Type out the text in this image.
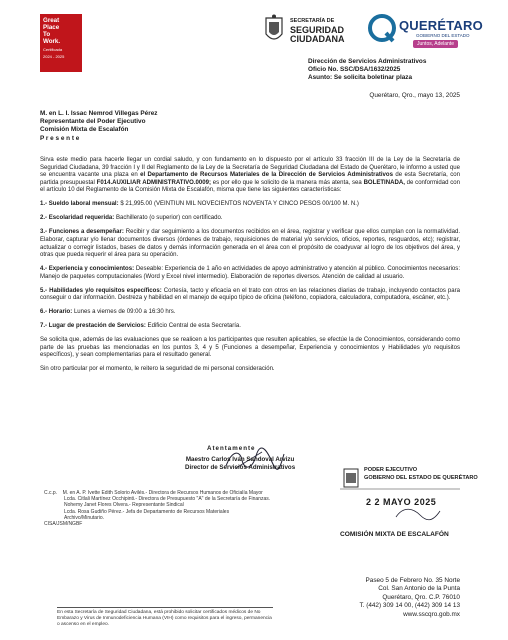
Great
Place
To
Work.
Certificada
2024 - 2025
SECRETARÍA DE
SEGURIDAD
CIUDADANA
QUERÉTARO
GOBIERNO DEL ESTADO
Juntos, Adelante
Dirección de Servicios Administrativos
Oficio No. SSC/DSA/1632/2025
Asunto: Se solicita boletinar plaza
Querétaro, Qro., mayo 13, 2025
M. en L. I. Issac Nemrod Villegas Pérez
Representante del Poder Ejecutivo
Comisión Mixta de Escalafón
P r e s e n t e

Sirva este medio para hacerle llegar un cordial saludo, y con fundamento en lo dispuesto por el artículo 33 fracción III de la Ley de la Secretaría de Seguridad Ciudadana, 39 fracción I y II del Reglamento de la Ley de la Secretaría de Seguridad Ciudadana del Estado de Querétaro, le informo a usted que se encuentra vacante una plaza en el Departamento de Recursos Materiales de la Dirección de Servicios Administrativos de esta Secretaría, con partida presupuestal F014.AUXILIAR ADMINISTRATIVO.0009; es por ello que le solicito de la manera más atenta, sea BOLETINADA, de conformidad con el artículo 10 del Reglamento de la Comisión Mixta de Escalafón, misma que tiene las siguientes características:

1.- Sueldo laboral mensual: $ 21,995.00 (VEINTIUN MIL NOVECIENTOS NOVENTA Y CINCO PESOS 00/100 M. N.)

2.- Escolaridad requerida: Bachillerato (o superior) con certificado.

3.- Funciones a desempeñar: Recibir y dar seguimiento a los documentos recibidos en el área, registrar y verificar que ellos cumplan con la normatividad. Elaborar, capturar y/o llenar documentos diversos (órdenes de trabajo, requisiciones de material y/o servicios, oficios, reportes, resguardos, etc); registrar, actualizar o corregir listados, bases de datos y demás información generada en el área con el propósito de coadyuvar al logro de los objetivos del área, y otras que pueda requerir el área para su operación.

4.- Experiencia y conocimientos: Deseable: Experiencia de 1 año en actividades de apoyo administrativo y atención al público. Conocimientos necesarios: Manejo de paquetes computacionales (Word y Excel nivel intermedio). Elaboración de reportes diversos. Atención de calidad al usuario.

5.- Habilidades y/o requisitos específicos: Cortesía, tacto y eficacia en el trato con otros en las relaciones diarias de trabajo, incluyendo contactos para conseguir o dar información. Destreza y habilidad en el manejo de equipo típico de oficina (teléfono, copiadora, calculadora, computadora, escáner, etc.).

6.- Horario: Lunes a viernes de 09:00 a 16:30 hrs.

7.- Lugar de prestación de Servicios: Edificio Central de esta Secretaría.

Se solicita que, además de las evaluaciones que se realicen a los participantes que resulten aplicables, se efectúe la de Conocimientos, considerando como parte de las pruebas las mencionadas en los puntos 3, 4 y 5 (Funciones a desempeñar, Experiencia y conocimientos y Habilidades y/o requisitos específicos), y sean complementarias para el resultado general.

Sin otro particular por el momento, le reitero la seguridad de mi personal consideración.

Atentamente
Maestro Carlos Iván Sandoval Arvizu
Director de Servicios Administrativos
C.c.p. M. en A. P. Ivette Edith Solorio Avilés.- Directora de Recursos Humanos de Oficialía Mayor
Lcda. Citlali Martínez Occhipinti.- Directora de Presupuesto "A" de la Secretaría de Finanzas.
Nohemy Janet Flores Olvera.- Representante Sindical
Lcda. Rosa Gudiño Pérez.- Jefa de Departamento de Recursos Materiales
Archivo/Minutario.
CISA/JSM/NGBF
PODER EJECUTIVO
GOBIERNO DEL ESTADO DE QUERÉTARO
2 2 MAYO 2025
COMISIÓN MIXTA DE ESCALAFÓN
Paseo 5 de Febrero No. 35 Norte
Col. San Antonio de la Punta
Querétaro, Qro. C.P. 76010
T. (442) 309 14 00, (442) 309 14 13
www.sscqro.gob.mx
En esta Secretaría de Seguridad Ciudadana, está prohibido solicitar certificados médicos de No Embarazo y Virus de Inmunodeficiencia Humana (VIH) como requisitos para el ingreso, permanencia o ascenso en el empleo.
